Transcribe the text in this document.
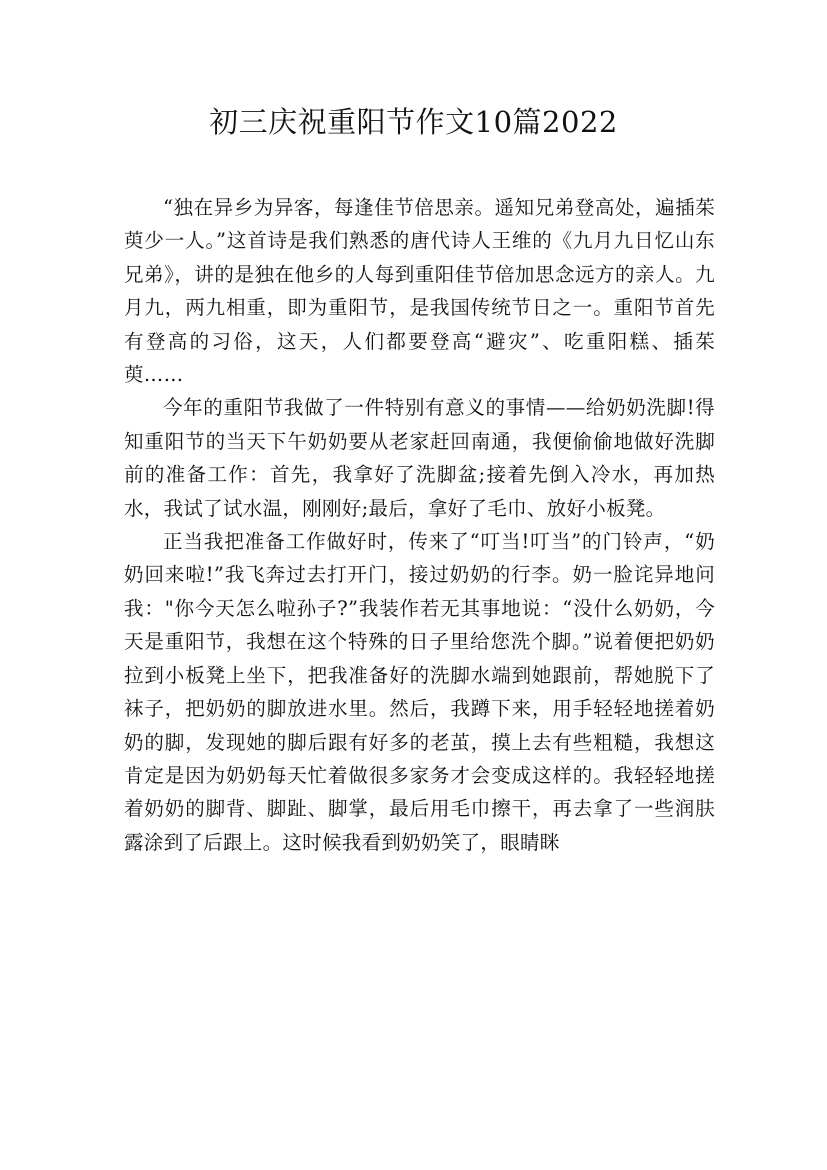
初三庆祝重阳节作文10篇2022

“独在异乡为异客，每逢佳节倍思亲。遥知兄弟登高处，遍插茱萸少一人。”这首诗是我们熟悉的唐代诗人王维的《九月九日忆山东兄弟》，讲的是独在他乡的人每到重阳佳节倍加思念远方的亲人。九月九，两九相重，即为重阳节，是我国传统节日之一。重阳节首先有登高的习俗，这天，人们都要登高“避灾”、吃重阳糕、插茱萸……

今年的重阳节我做了一件特别有意义的事情——给奶奶洗脚!得知重阳节的当天下午奶奶要从老家赶回南通，我便偷偷地做好洗脚前的准备工作：首先，我拿好了洗脚盆;接着先倒入冷水，再加热水，我试了试水温，刚刚好;最后，拿好了毛巾、放好小板凳。

正当我把准备工作做好时，传来了“叮当!叮当”的门铃声，“奶奶回来啦!”我飞奔过去打开门，接过奶奶的行李。奶一脸诧异地问我："你今天怎么啦孙子?”我装作若无其事地说：“没什么奶奶，今天是重阳节，我想在这个特殊的日子里给您洗个脚。”说着便把奶奶拉到小板凳上坐下，把我准备好的洗脚水端到她跟前，帮她脱下了袜子，把奶奶的脚放进水里。然后，我蹲下来，用手轻轻地搓着奶奶的脚，发现她的脚后跟有好多的老茧，摸上去有些粗糙，我想这肯定是因为奶奶每天忙着做很多家务才会变成这样的。我轻轻地搓着奶奶的脚背、脚趾、脚掌，最后用毛巾擦干，再去拿了一些润肤露涂到了后跟上。这时候我看到奶奶笑了，眼睛眯
